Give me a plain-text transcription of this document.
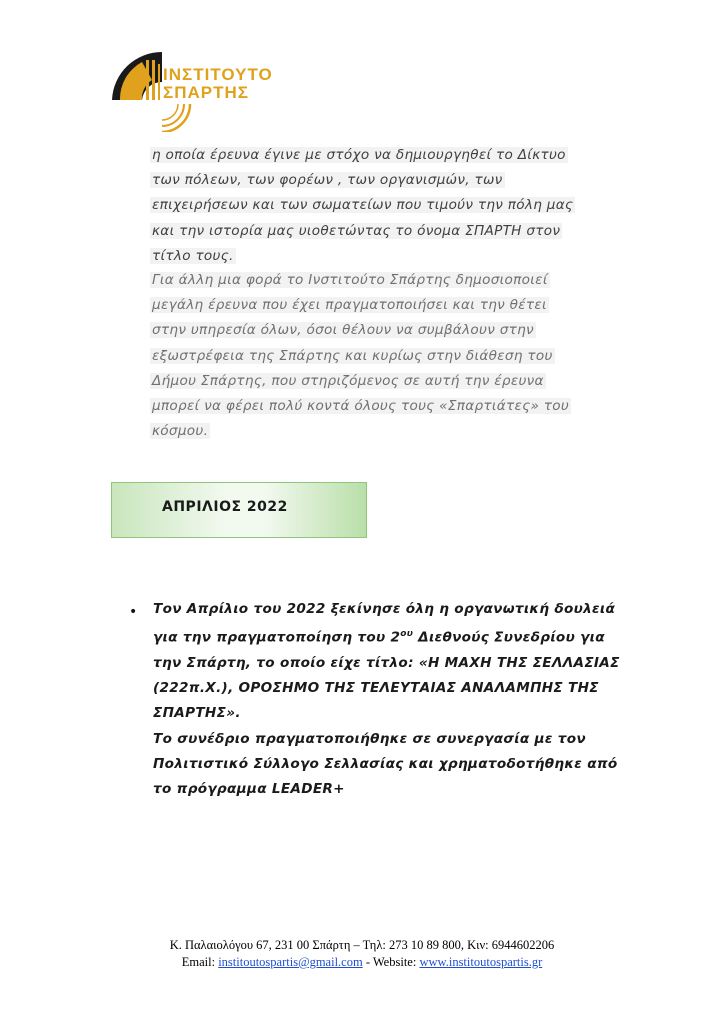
ΙΝΣΤΙΤΟΥΤΟ
ΣΠΑΡΤΗΣ
η οποία έρευνα έγινε με στόχο να δημιουργηθεί το Δίκτυο
των πόλεων, των φορέων , των οργανισμών, των
επιχειρήσεων και των σωματείων που τιμούν την πόλη μας
και την ιστορία μας υιοθετώντας το όνομα ΣΠΑΡΤΗ στον
τίτλο τους.
Για άλλη μια φορά το Ινστιτούτο Σπάρτης δημοσιοποιεί
μεγάλη έρευνα που έχει πραγματοποιήσει και την θέτει
στην υπηρεσία όλων, όσοι θέλουν να συμβάλουν στην
εξωστρέφεια της Σπάρτης και κυρίως στην διάθεση του
Δήμου Σπάρτης, που στηριζόμενος σε αυτή την έρευνα
μπορεί να φέρει πολύ κοντά όλους τους «Σπαρτιάτες» του
κόσμου.
ΑΠΡΙΛΙΟΣ 2022
• Τον Απρίλιο του 2022 ξεκίνησε όλη η οργανωτική δουλειά
για την πραγματοποίηση του $2^{o\upsilon}$ Διεθνούς Συνεδρίου για
την Σπάρτη, το οποίο είχε τίτλο: «Η ΜΑΧΗ ΤΗΣ ΣΕΛΛΑΣΙΑΣ
(222π.Χ.), ΟΡΟΣΗΜΟ ΤΗΣ ΤΕΛΕΥΤΑΙΑΣ ΑΝΑΛΑΜΠΗΣ ΤΗΣ
ΣΠΑΡΤΗΣ».
Το συνέδριο πραγματοποιήθηκε σε συνεργασία με τον
Πολιτιστικό Σύλλογο Σελλασίας και χρηματοδοτήθηκε από
το πρόγραμμα LEADER+
Κ. Παλαιολόγου 67, 231 00 Σπάρτη – Τηλ: 273 10 89 800, Κιν: 6944602206
Email: institoutospartis@gmail.com - Website: www.institoutospartis.gr
